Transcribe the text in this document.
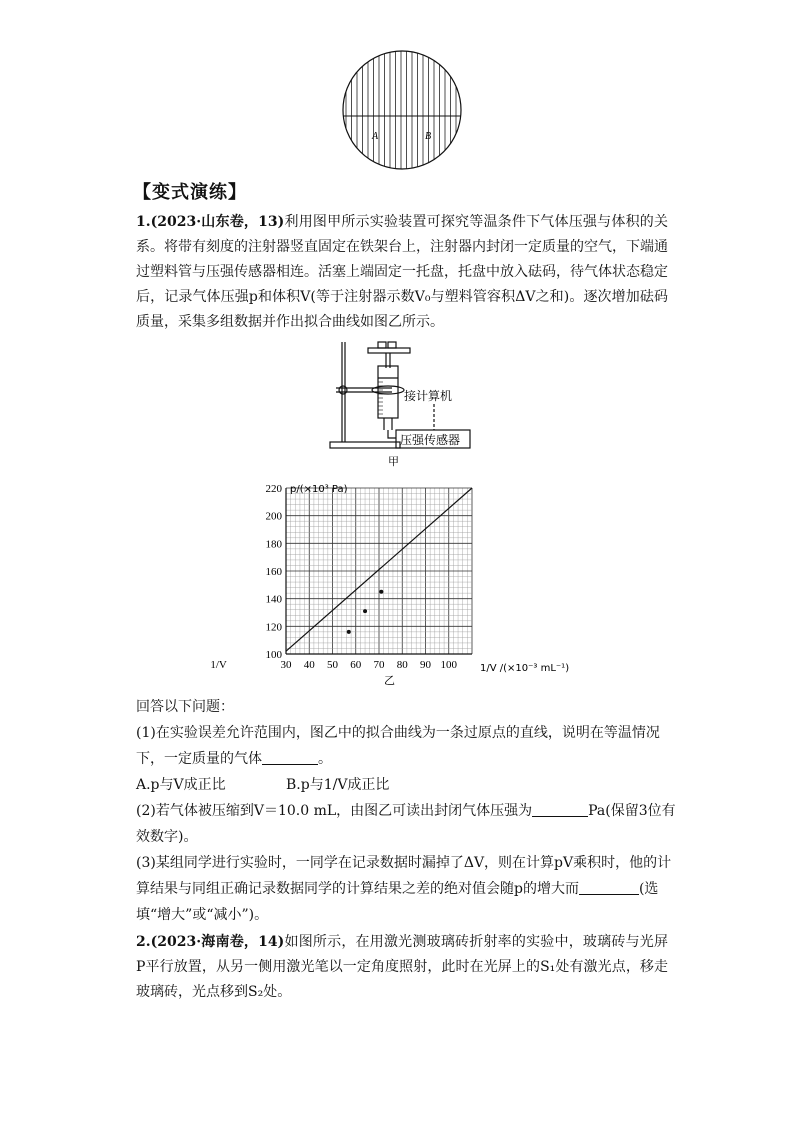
A	B
【变式演练】
1.(2023·山东卷，13)利用图甲所示实验装置可探究等温条件下气体压强与体积的关系。将带有刻度的注射器竖直固定在铁架台上，注射器内封闭一定质量的空气，下端通过塑料管与压强传感器相连。活塞上端固定一托盘，托盘中放入砝码，待气体状态稳定后，记录气体压强p和体积V(等于注射器示数V₀与塑料管容积ΔV之和)。逐次增加砝码质量，采集多组数据并作出拟合曲线如图乙所示。
接计算机
压强传感器
甲
100
120
140
160
180
200
220
30 40 50 60 70 80 90 100
1/V
p/(×10³ Pa)
1/V /(×10⁻³ mL⁻¹)
乙
回答以下问题：
(1)在实验误差允许范围内，图乙中的拟合曲线为一条过原点的直线，说明在等温情况下，一定质量的气体	。
A.p与V成正比	B.p与1/V成正比
(2)若气体被压缩到V＝10.0 mL，由图乙可读出封闭气体压强为	Pa(保留3位有效数字)。
(3)某组同学进行实验时，一同学在记录数据时漏掉了ΔV，则在计算pV乘积时，他的计算结果与同组正确记录数据同学的计算结果之差的绝对值会随p的增大而	(选填“增大”或“减小”)。
2.(2023·海南卷，14)如图所示，在用激光测玻璃砖折射率的实验中，玻璃砖与光屏P平行放置，从另一侧用激光笔以一定角度照射，此时在光屏上的S₁处有激光点，移走玻璃砖，光点移到S₂处。
